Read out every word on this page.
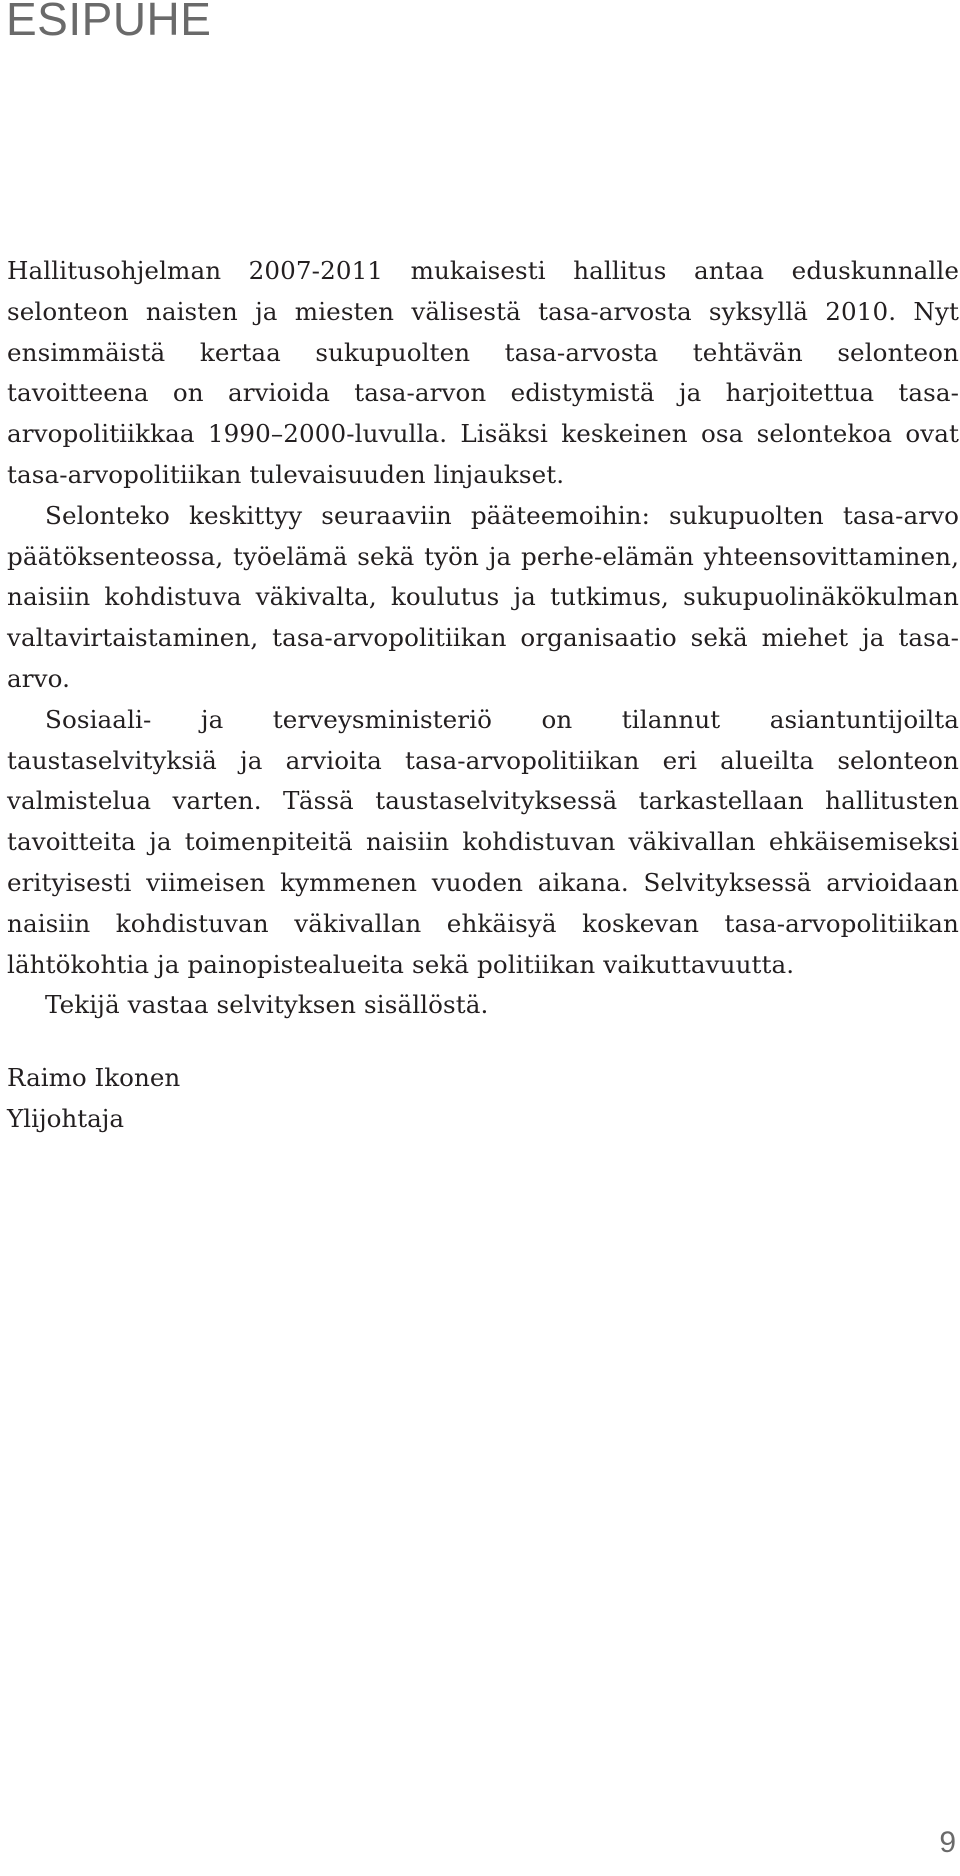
ESIPUHE

Hallitusohjelman 2007-2011 mukaisesti hallitus antaa eduskunnalle selonteon naisten ja miesten välisestä tasa-arvosta syksyllä 2010. Nyt ensimmäistä kertaa sukupuolten tasa-arvosta tehtävän selonteon tavoitteena on arvioida tasa-arvon edistymistä ja harjoitettua tasa-arvopolitiikkaa 1990–2000-luvulla. Lisäksi keskeinen osa selontekoa ovat tasa-arvopolitiikan tulevaisuuden linjaukset.

Selonteko keskittyy seuraaviin pääteemoihin: sukupuolten tasa-arvo päätöksenteossa, työelämä sekä työn ja perhe-elämän yhteensovittaminen, naisiin kohdistuva väkivalta, koulutus ja tutkimus, sukupuolinäkökulman valtavirtaistaminen, tasa-arvopolitiikan organisaatio sekä miehet ja tasa-arvo.

Sosiaali- ja terveysministeriö on tilannut asiantuntijoilta taustaselvityksiä ja arvioita tasa-arvopolitiikan eri alueilta selonteon valmistelua varten. Tässä taustaselvityksessä tarkastellaan hallitusten tavoitteita ja toimenpiteitä naisiin kohdistuvan väkivallan ehkäisemiseksi erityisesti viimeisen kymmenen vuoden aikana. Selvityksessä arvioidaan naisiin kohdistuvan väkivallan ehkäisyä koskevan tasa-arvopolitiikan lähtökohtia ja painopistealueita sekä politiikan vaikuttavuutta.

Tekijä vastaa selvityksen sisällöstä.

Raimo Ikonen
Ylijohtaja
9
